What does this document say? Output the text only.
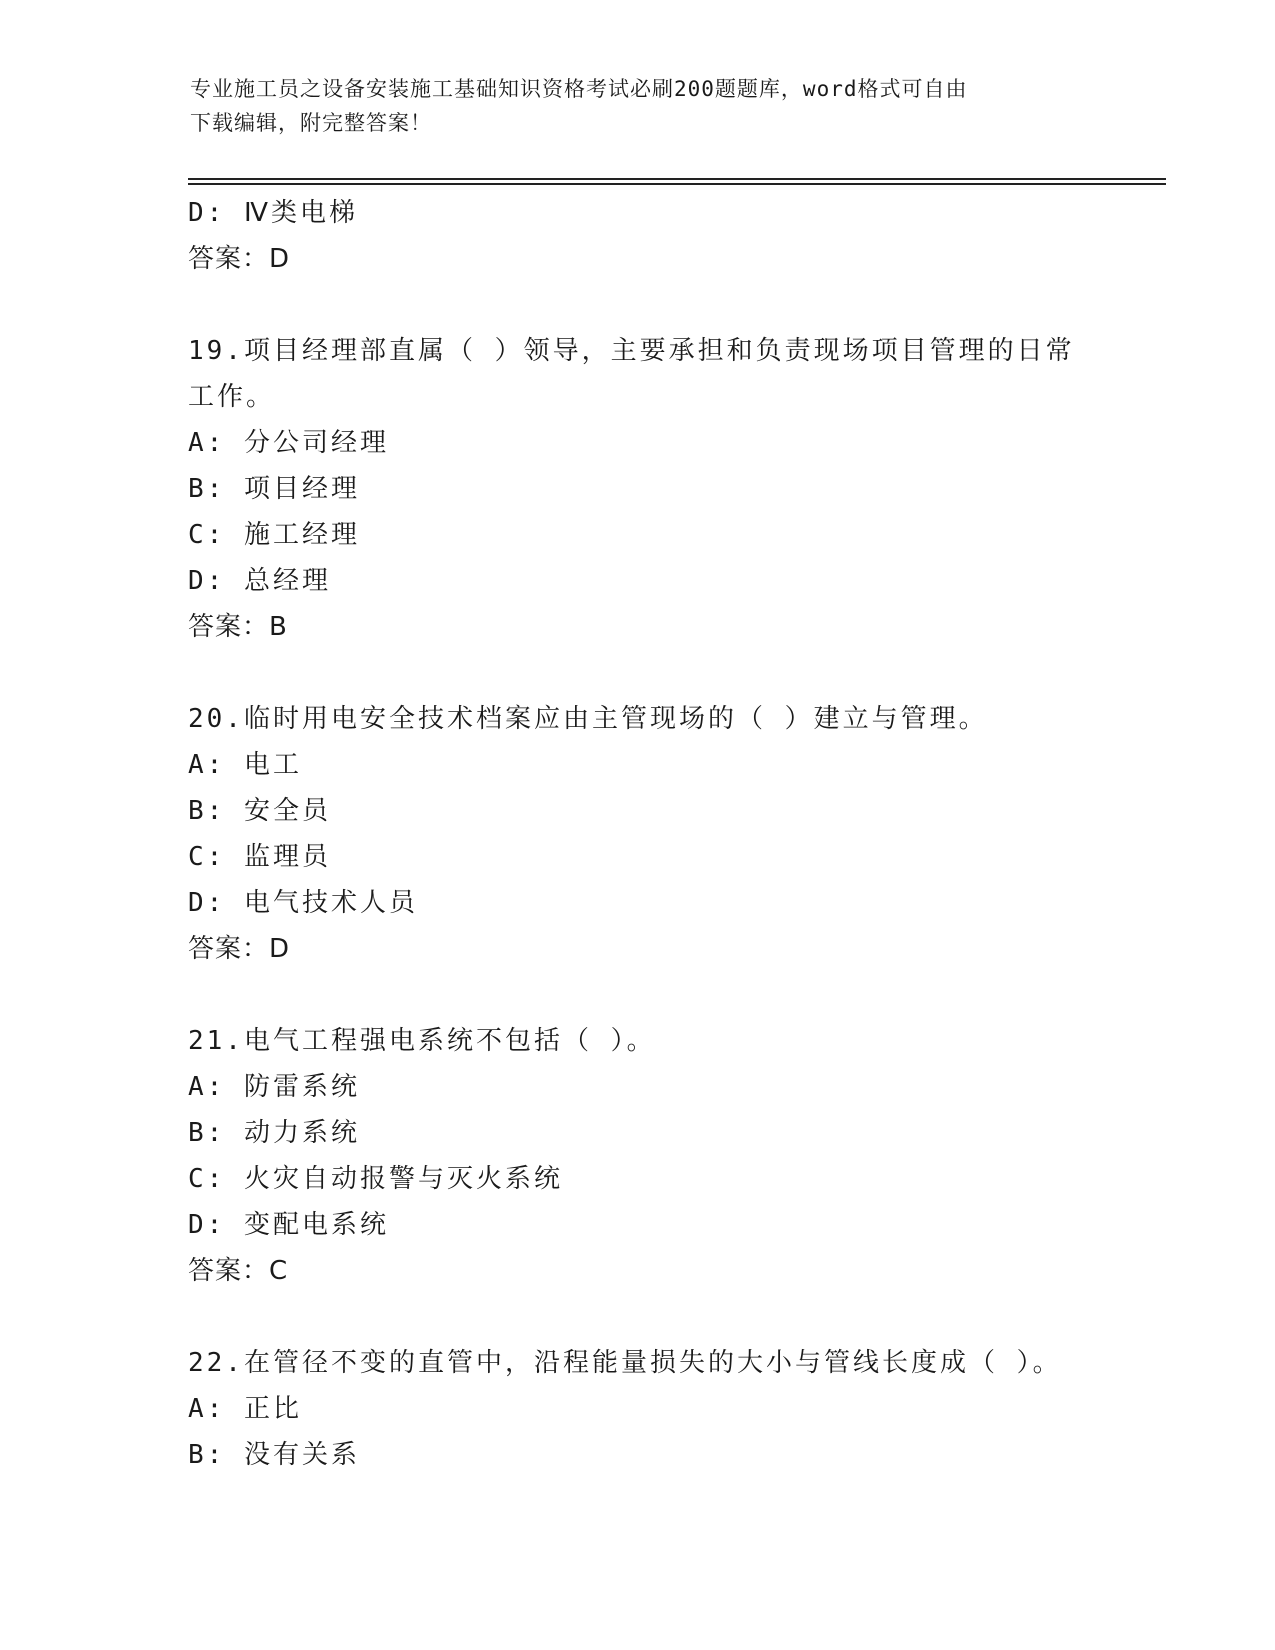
专业施工员之设备安装施工基础知识资格考试必刷200题题库，word格式可自由
下载编辑，附完整答案！
D: Ⅳ类电梯
答案：D
19.项目经理部直属（ ）领导，主要承担和负责现场项目管理的日常
工作。
A: 分公司经理
B: 项目经理
C: 施工经理
D: 总经理
答案：B
20.临时用电安全技术档案应由主管现场的（ ）建立与管理。
A: 电工
B: 安全员
C: 监理员
D: 电气技术人员
答案：D
21.电气工程强电系统不包括（ ）。
A: 防雷系统
B: 动力系统
C: 火灾自动报警与灭火系统
D: 变配电系统
答案：C
22.在管径不变的直管中，沿程能量损失的大小与管线长度成（ ）。
A: 正比
B: 没有关系
